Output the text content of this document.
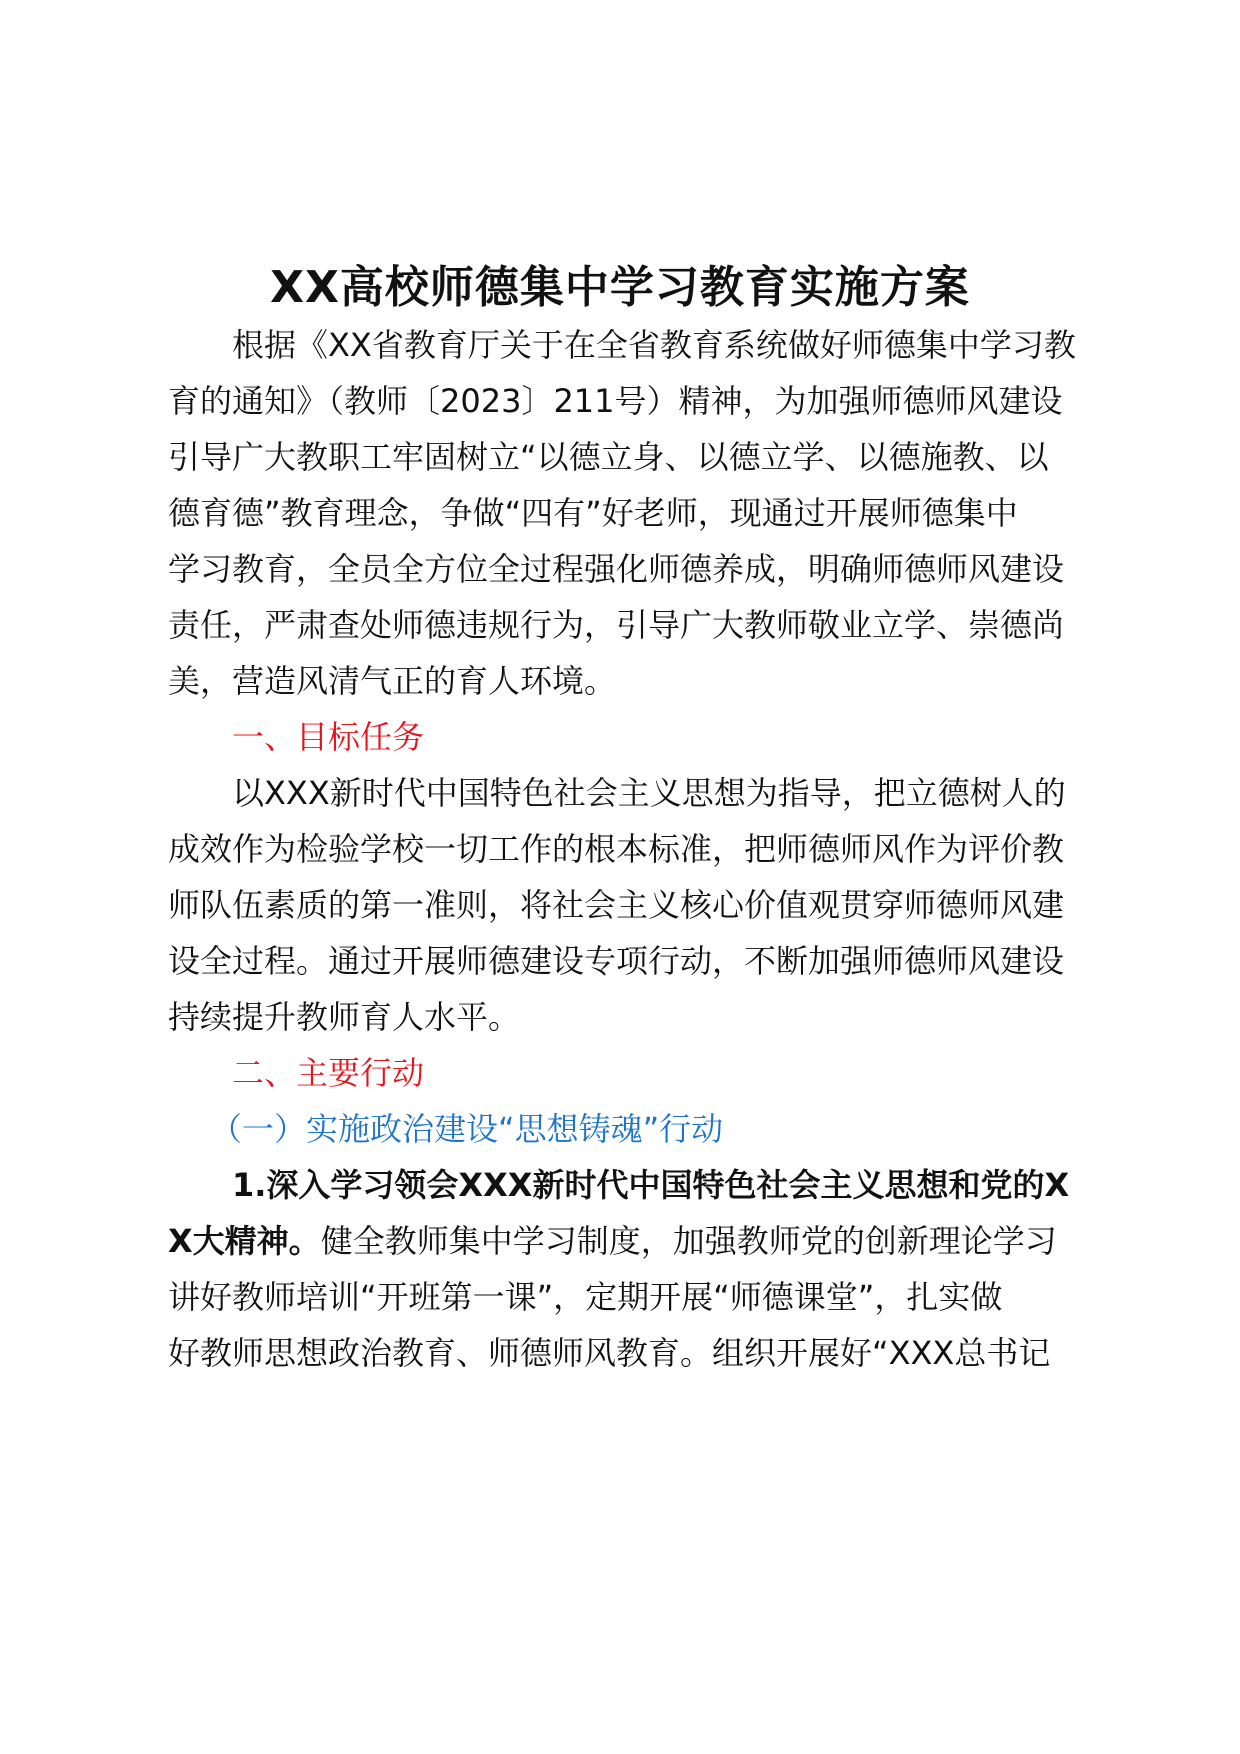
XX高校师德集中学习教育实施方案
根据《XX省教育厅关于在全省教育系统做好师德集中学习教
育的通知》（教师〔2023〕211号）精神，为加强师德师风建设
引导广大教职工牢固树立“以德立身、以德立学、以德施教、以
德育德”教育理念，争做“四有”好老师，现通过开展师德集中
学习教育，全员全方位全过程强化师德养成，明确师德师风建设
责任，严肃查处师德违规行为，引导广大教师敬业立学、崇德尚
美，营造风清气正的育人环境。
一、目标任务
以XXX新时代中国特色社会主义思想为指导，把立德树人的
成效作为检验学校一切工作的根本标准，把师德师风作为评价教
师队伍素质的第一准则，将社会主义核心价值观贯穿师德师风建
设全过程。通过开展师德建设专项行动，不断加强师德师风建设
持续提升教师育人水平。
二、主要行动
（一）实施政治建设“思想铸魂”行动
1.深入学习领会XXX新时代中国特色社会主义思想和党的X
X大精神。健全教师集中学习制度，加强教师党的创新理论学习
讲好教师培训“开班第一课”，定期开展“师德课堂”，扎实做
好教师思想政治教育、师德师风教育。组织开展好“XXX总书记
